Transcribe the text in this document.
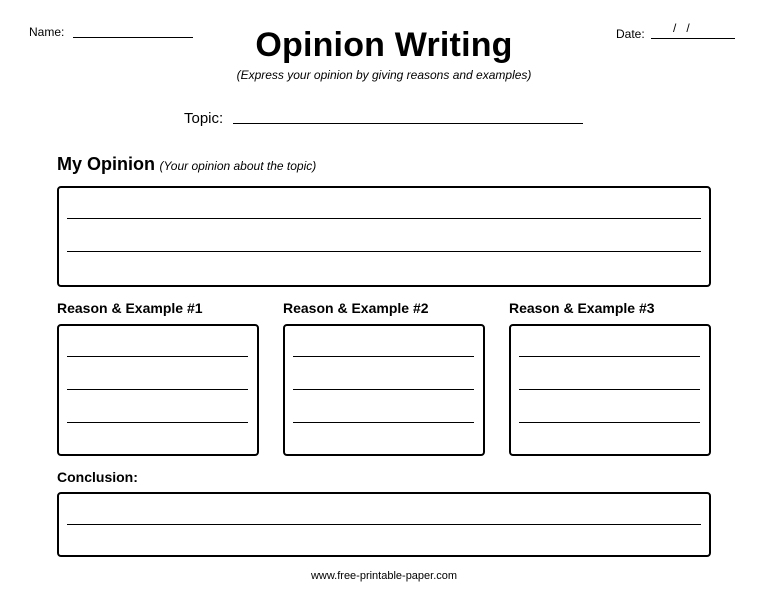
Name:	Opinion Writing
(Express your opinion by giving reasons and examples)
Date: /   /
Topic:
My Opinion (Your opinion about the topic)
Reason & Example #1	Reason & Example #2	Reason & Example #3
Conclusion:
www.free-printable-paper.com
